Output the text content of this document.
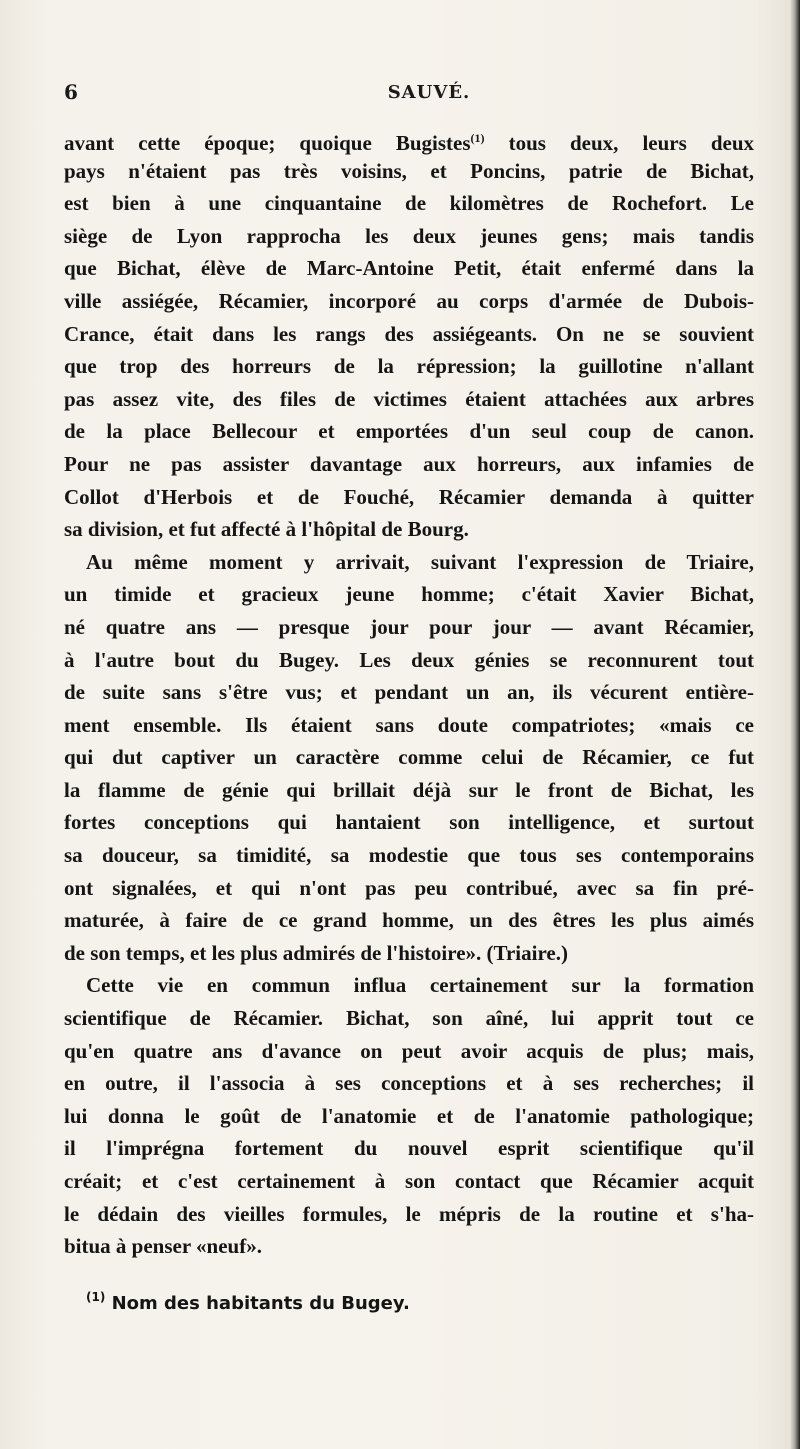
6	SAUVÉ.
avant cette époque; quoique Bugistes$^{(1)}$ tous deux, leurs deux
pays n'étaient pas très voisins, et Poncins, patrie de Bichat,
est bien à une cinquantaine de kilomètres de Rochefort. Le
siège de Lyon rapprocha les deux jeunes gens; mais tandis
que Bichat, élève de Marc-Antoine Petit, était enfermé dans la
ville assiégée, Récamier, incorporé au corps d'armée de Dubois-
Crance, était dans les rangs des assiégeants. On ne se souvient
que trop des horreurs de la répression; la guillotine n'allant
pas assez vite, des files de victimes étaient attachées aux arbres
de la place Bellecour et emportées d'un seul coup de canon.
Pour ne pas assister davantage aux horreurs, aux infamies de
Collot d'Herbois et de Fouché, Récamier demanda à quitter
sa division, et fut affecté à l'hôpital de Bourg.
Au même moment y arrivait, suivant l'expression de Triaire,
un timide et gracieux jeune homme; c'était Xavier Bichat,
né quatre ans — presque jour pour jour — avant Récamier,
à l'autre bout du Bugey. Les deux génies se reconnurent tout
de suite sans s'être vus; et pendant un an, ils vécurent entière-
ment ensemble. Ils étaient sans doute compatriotes; «mais ce
qui dut captiver un caractère comme celui de Récamier, ce fut
la flamme de génie qui brillait déjà sur le front de Bichat, les
fortes conceptions qui hantaient son intelligence, et surtout
sa douceur, sa timidité, sa modestie que tous ses contemporains
ont signalées, et qui n'ont pas peu contribué, avec sa fin pré-
maturée, à faire de ce grand homme, un des êtres les plus aimés
de son temps, et les plus admirés de l'histoire». (Triaire.)
Cette vie en commun influa certainement sur la formation
scientifique de Récamier. Bichat, son aîné, lui apprit tout ce
qu'en quatre ans d'avance on peut avoir acquis de plus; mais,
en outre, il l'associa à ses conceptions et à ses recherches; il
lui donna le goût de l'anatomie et de l'anatomie pathologique;
il l'imprégna fortement du nouvel esprit scientifique qu'il
créait; et c'est certainement à son contact que Récamier acquit
le dédain des vieilles formules, le mépris de la routine et s'ha-
bitua à penser «neuf».
$^{(1)}$ Nom des habitants du Bugey.
